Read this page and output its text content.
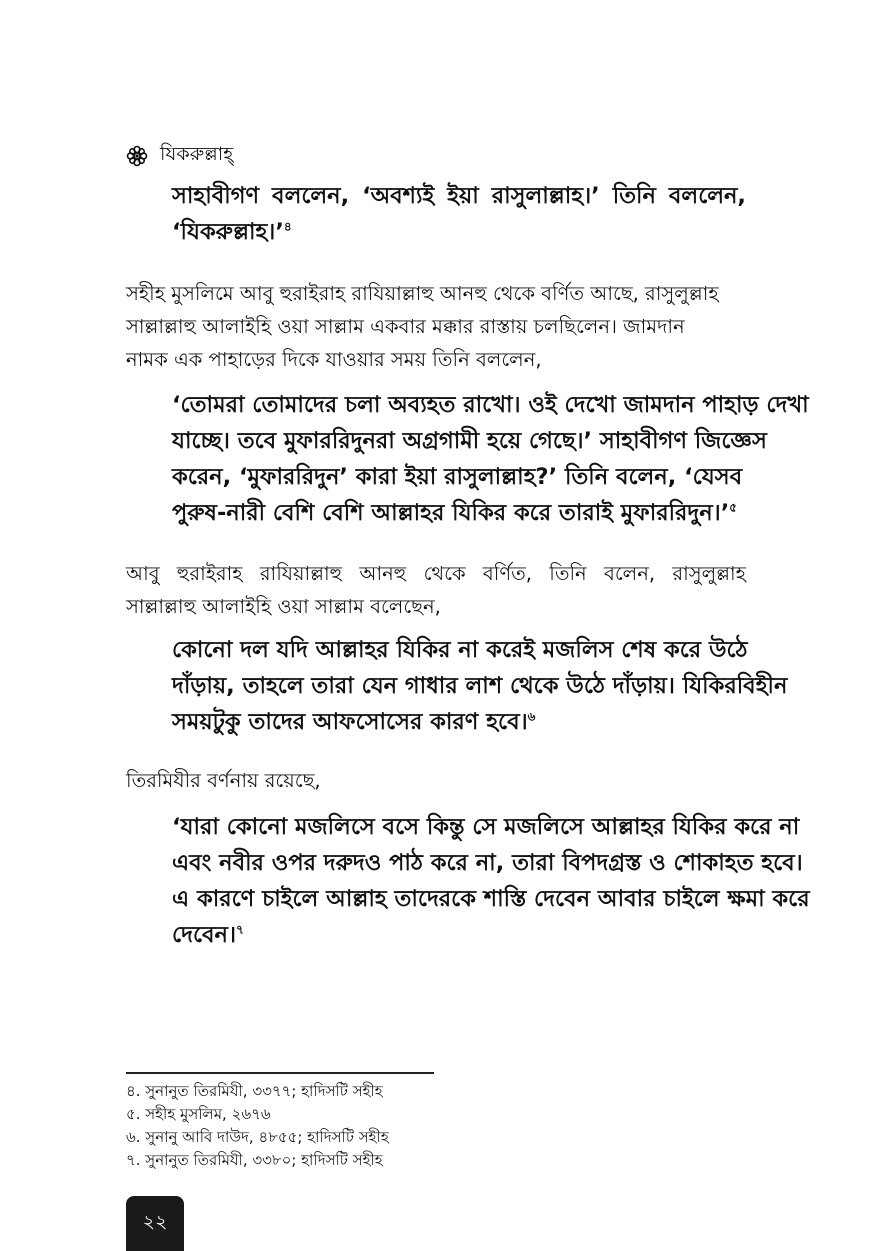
যিকরুল্লাহ্
সাহাবীগণ বললেন, ‘অবশ্যই ইয়া রাসুলাল্লাহ।’ তিনি বললেন,
‘যিকরুল্লাহ।’$^৪$
সহীহ মুসলিমে আবু হুরাইরাহ রাযিয়াল্লাহু আনহু থেকে বর্ণিত আছে, রাসুলুল্লাহ
সাল্লাল্লাহু আলাইহি ওয়া সাল্লাম একবার মক্কার রাস্তায় চলছিলেন। জামদান
নামক এক পাহাড়ের দিকে যাওয়ার সময় তিনি বললেন,
‘তোমরা তোমাদের চলা অব্যহত রাখো। ওই দেখো জামদান পাহাড় দেখা
যাচ্ছে। তবে মুফাররিদুনরা অগ্রগামী হয়ে গেছে।’ সাহাবীগণ জিজ্ঞেস
করেন, ‘মুফাররিদুন’ কারা ইয়া রাসুলাল্লাহ?’ তিনি বলেন, ‘যেসব
পুরুষ-নারী বেশি বেশি আল্লাহর যিকির করে তারাই মুফাররিদুন।’$^৫$
আবু হুরাইরাহ রাযিয়াল্লাহু আনহু থেকে বর্ণিত, তিনি বলেন, রাসুলুল্লাহ
সাল্লাল্লাহু আলাইহি ওয়া সাল্লাম বলেছেন,
কোনো দল যদি আল্লাহর যিকির না করেই মজলিস শেষ করে উঠে
দাঁড়ায়, তাহলে তারা যেন গাধার লাশ থেকে উঠে দাঁড়ায়। যিকিরবিহীন
সময়টুকু তাদের আফসোসের কারণ হবে।$^৬$
তিরমিযীর বর্ণনায় রয়েছে,
‘যারা কোনো মজলিসে বসে কিন্তু সে মজলিসে আল্লাহর যিকির করে না
এবং নবীর ওপর দরুদও পাঠ করে না, তারা বিপদগ্রস্ত ও শোকাহত হবে।
এ কারণে চাইলে আল্লাহ তাদেরকে শাস্তি দেবেন আবার চাইলে ক্ষমা করে
দেবেন।$^৭$
৪. সুনানুত তিরমিযী, ৩৩৭৭; হাদিসটি সহীহ
৫. সহীহ মুসলিম, ২৬৭৬
৬. সুনানু আবি দাউদ, ৪৮৫৫; হাদিসটি সহীহ
৭. সুনানুত তিরমিযী, ৩৩৮০; হাদিসটি সহীহ
২২
